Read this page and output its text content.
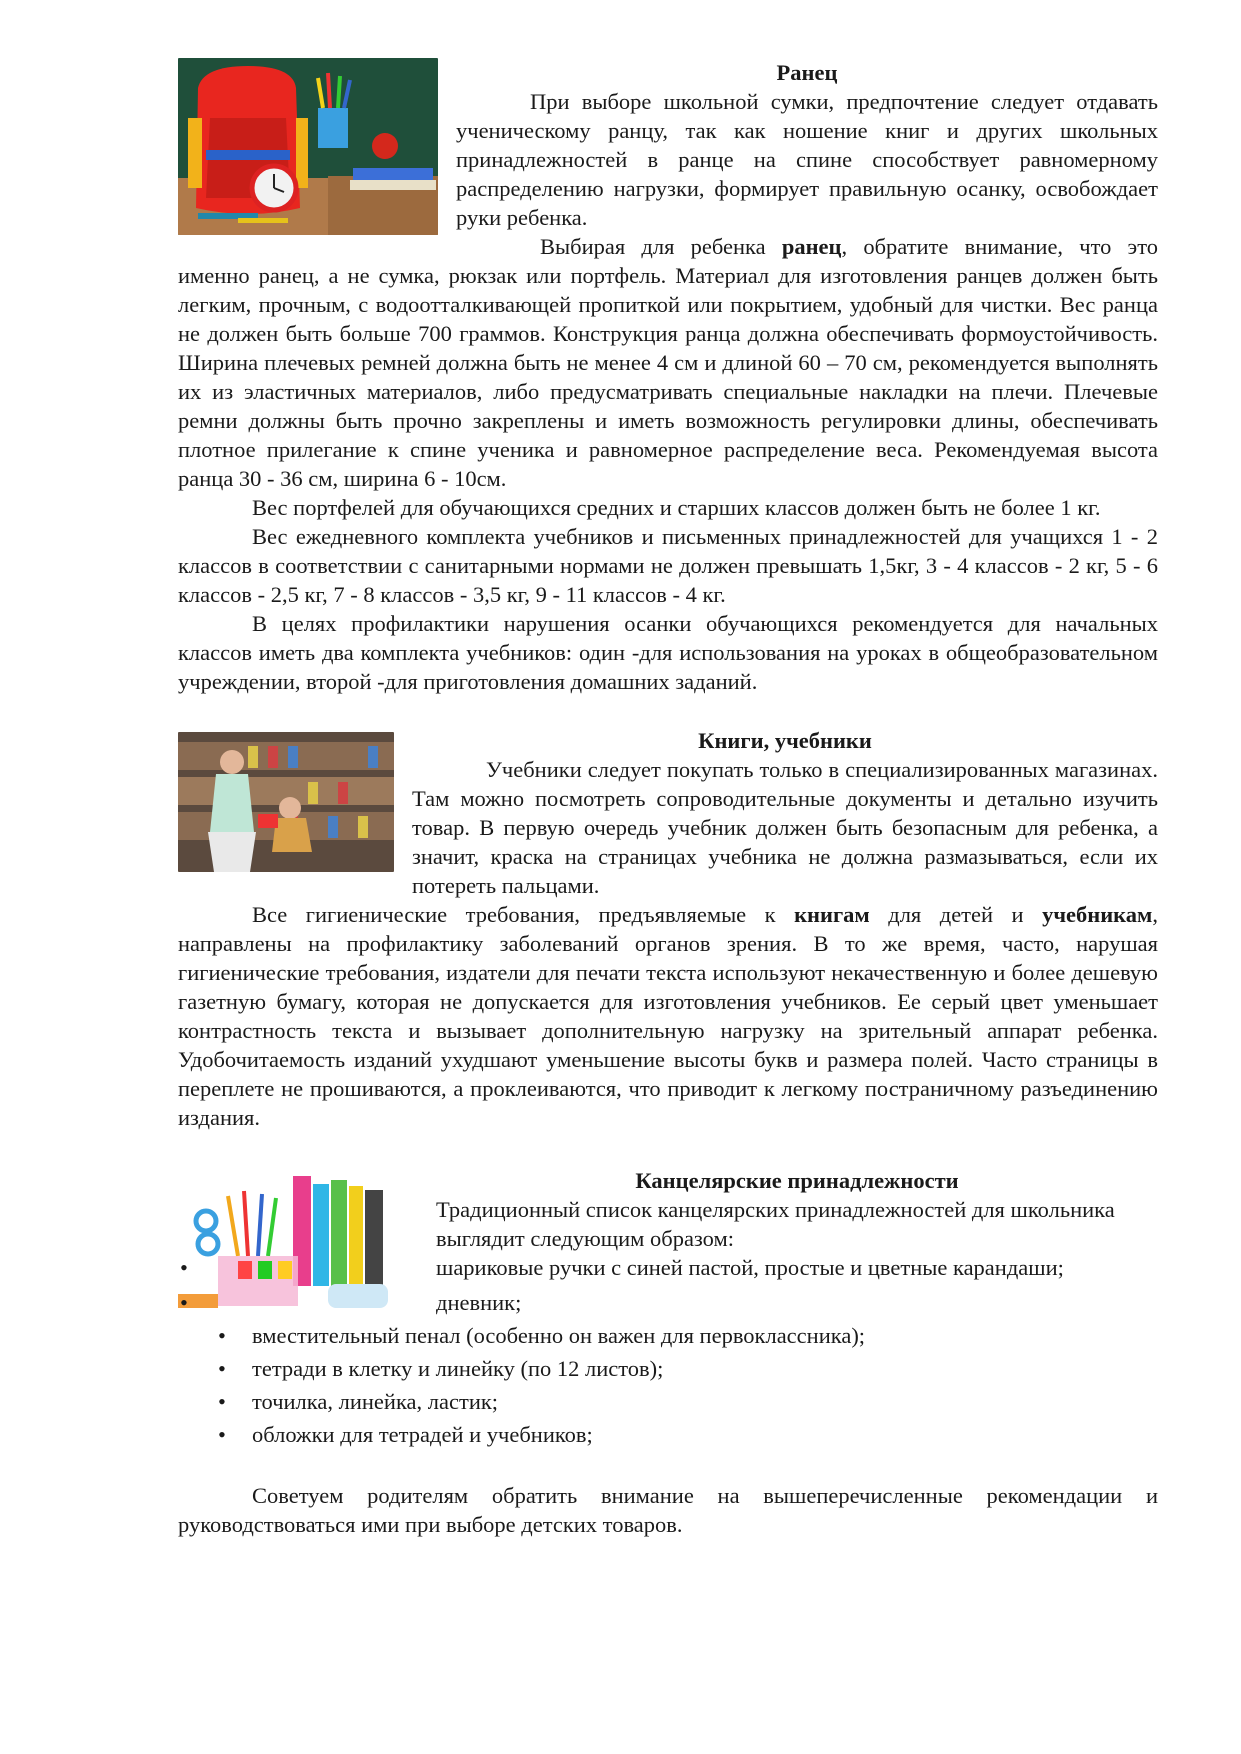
Ранец

При выборе школьной сумки, предпочтение следует отдавать ученическому ранцу, так как ношение книг и других школьных принадлежностей в ранце на спине способствует равномерному распределению нагрузки, формирует правильную осанку, освобождает руки ребенка.

Выбирая для ребенка ранец, обратите внимание, что это именно ранец, а не сумка, рюкзак или портфель. Материал для изготовления ранцев должен быть легким, прочным, с водоотталкивающей пропиткой или покрытием, удобный для чистки. Вес ранца не должен быть больше 700 граммов. Конструкция ранца должна обеспечивать формоустойчивость. Ширина плечевых ремней должна быть не менее 4 см и длиной 60 – 70 см, рекомендуется выполнять их из эластичных материалов, либо предусматривать специальные накладки на плечи. Плечевые ремни должны быть прочно закреплены и иметь возможность регулировки длины, обеспечивать плотное прилегание к спине ученика и равномерное распределение веса. Рекомендуемая высота ранца 30 - 36 см, ширина 6 - 10см.

Вес портфелей для обучающихся средних и старших классов должен быть не более 1 кг.

Вес ежедневного комплекта учебников и письменных принадлежностей для учащихся 1 - 2 классов в соответствии с санитарными нормами не должен превышать 1,5кг, 3 - 4 классов - 2 кг, 5 - 6 классов - 2,5 кг, 7 - 8 классов - 3,5 кг, 9 - 11 классов - 4 кг.

В целях профилактики нарушения осанки обучающихся рекомендуется для начальных классов иметь два комплекта учебников: один -для использования на уроках в общеобразовательном учреждении, второй -для приготовления домашних заданий.

Книги, учебники

Учебники следует покупать только в специализированных магазинах. Там можно посмотреть сопроводительные документы и детально изучить товар. В первую очередь учебник должен быть безопасным для ребенка, а значит, краска на страницах учебника не должна размазываться, если их потереть пальцами.

Все гигиенические требования, предъявляемые к книгам для детей и учебникам, направлены на профилактику заболеваний органов зрения. В то же время, часто, нарушая гигиенические требования, издатели для печати текста используют некачественную и более дешевую газетную бумагу, которая не допускается для изготовления учебников. Ее серый цвет уменьшает контрастность текста и вызывает дополнительную нагрузку на зрительный аппарат ребенка. Удобочитаемость изданий ухудшают уменьшение высоты букв и размера полей. Часто страницы в переплете не прошиваются, а проклеиваются, что приводит к легкому постраничному разъединению издания.

Канцелярские принадлежности

Традиционный список канцелярских принадлежностей для школьника выглядит следующим образом:

• шариковые ручки с синей пастой, простые и цветные карандаши;
• дневник;
• вместительный пенал (особенно он важен для первоклассника);
• тетради в клетку и линейку (по 12 листов);
• точилка, линейка, ластик;
• обложки для тетрадей и учебников;

Советуем родителям обратить внимание на вышеперечисленные рекомендации и руководствоваться ими при выборе детских товаров.
